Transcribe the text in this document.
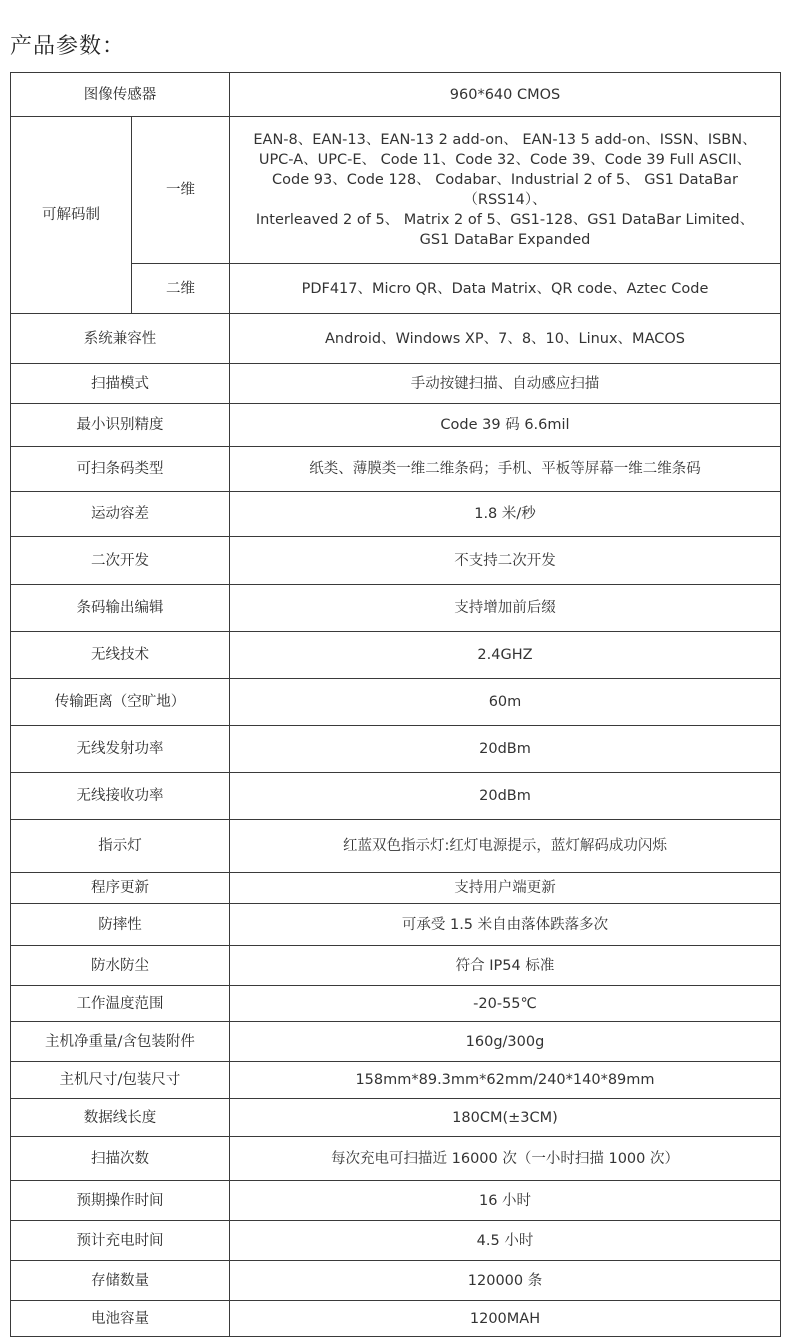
产品参数：
图像传感器		960*640 CMOS
可解码制	一维	EAN-8、EAN-13、EAN-13 2 add-on、 EAN-13 5 add-on、ISSN、ISBN、
UPC-A、UPC-E、 Code 11、Code 32、Code 39、Code 39 Full ASCII、
Code 93、Code 128、 Codabar、Industrial 2 of 5、 GS1 DataBar（RSS14）、
Interleaved 2 of 5、 Matrix 2 of 5、GS1-128、GS1 DataBar Limited、
GS1 DataBar Expanded

	二维	PDF417、Micro QR、Data Matrix、QR code、Aztec Code
系统兼容性		Android、Windows XP、7、8、10、Linux、MACOS
扫描模式		手动按键扫描、自动感应扫描
最小识别精度		Code 39 码 6.6mil
可扫条码类型		纸类、薄膜类一维二维条码；手机、平板等屏幕一维二维条码
运动容差		1.8 米/秒
二次开发		不支持二次开发
条码输出编辑		支持增加前后缀
无线技术		2.4GHZ
传输距离（空旷地）		60m
无线发射功率		20dBm
无线接收功率		20dBm
指示灯		红蓝双色指示灯:红灯电源提示，蓝灯解码成功闪烁
程序更新		支持用户端更新
防摔性		可承受 1.5 米自由落体跌落多次
防水防尘		符合 IP54 标准
工作温度范围		-20-55℃
主机净重量/含包装附件		160g/300g
主机尺寸/包装尺寸		158mm*89.3mm*62mm/240*140*89mm
数据线长度		180CM(±3CM)
扫描次数		每次充电可扫描近 16000 次（一小时扫描 1000 次）
预期操作时间		16 小时
预计充电时间		4.5 小时
存储数量		120000 条
电池容量		1200MAH
